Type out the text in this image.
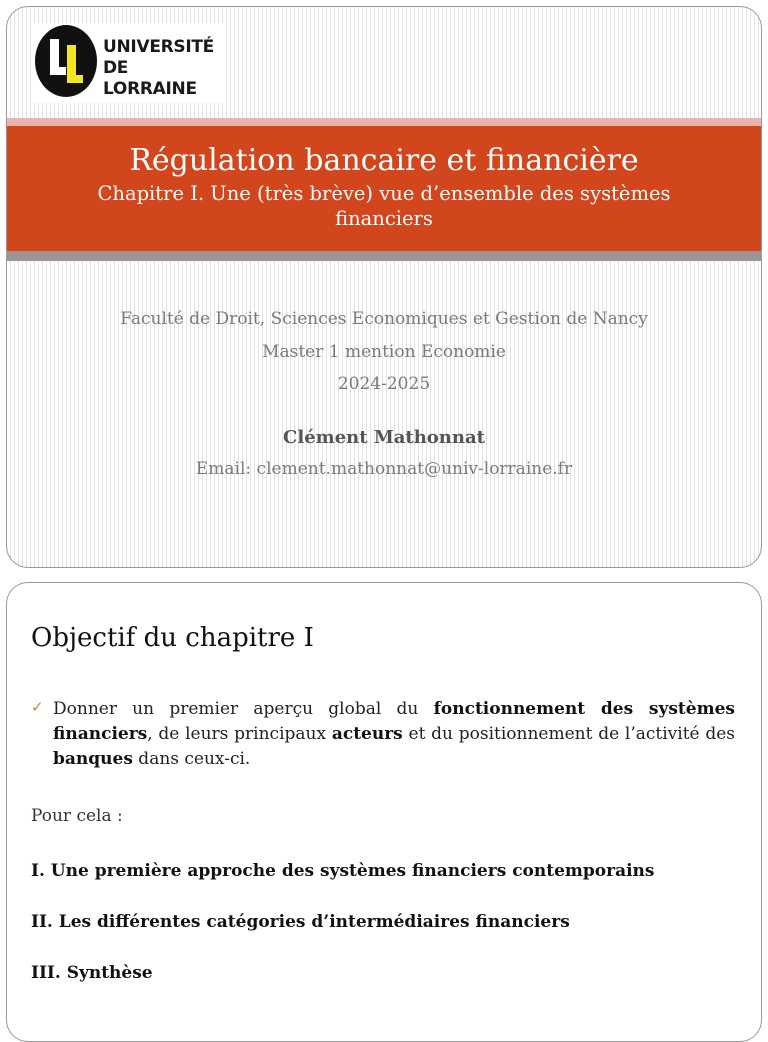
UNIVERSITÉ
DE LORRAINE
Régulation bancaire et financière
Chapitre I. Une (très brève) vue d’ensemble des systèmes financiers
Faculté de Droit, Sciences Economiques et Gestion de Nancy
Master 1 mention Economie
2024-2025
Clément Mathonnat
Email: clement.mathonnat@univ-lorraine.fr
Objectif du chapitre I
✓ Donner un premier aperçu global du fonctionnement des systèmes financiers, de leurs principaux acteurs et du positionnement de l’activité des banques dans ceux-ci.
Pour cela :
I. Une première approche des systèmes financiers contemporains
II. Les différentes catégories d’intermédiaires financiers
III. Synthèse
